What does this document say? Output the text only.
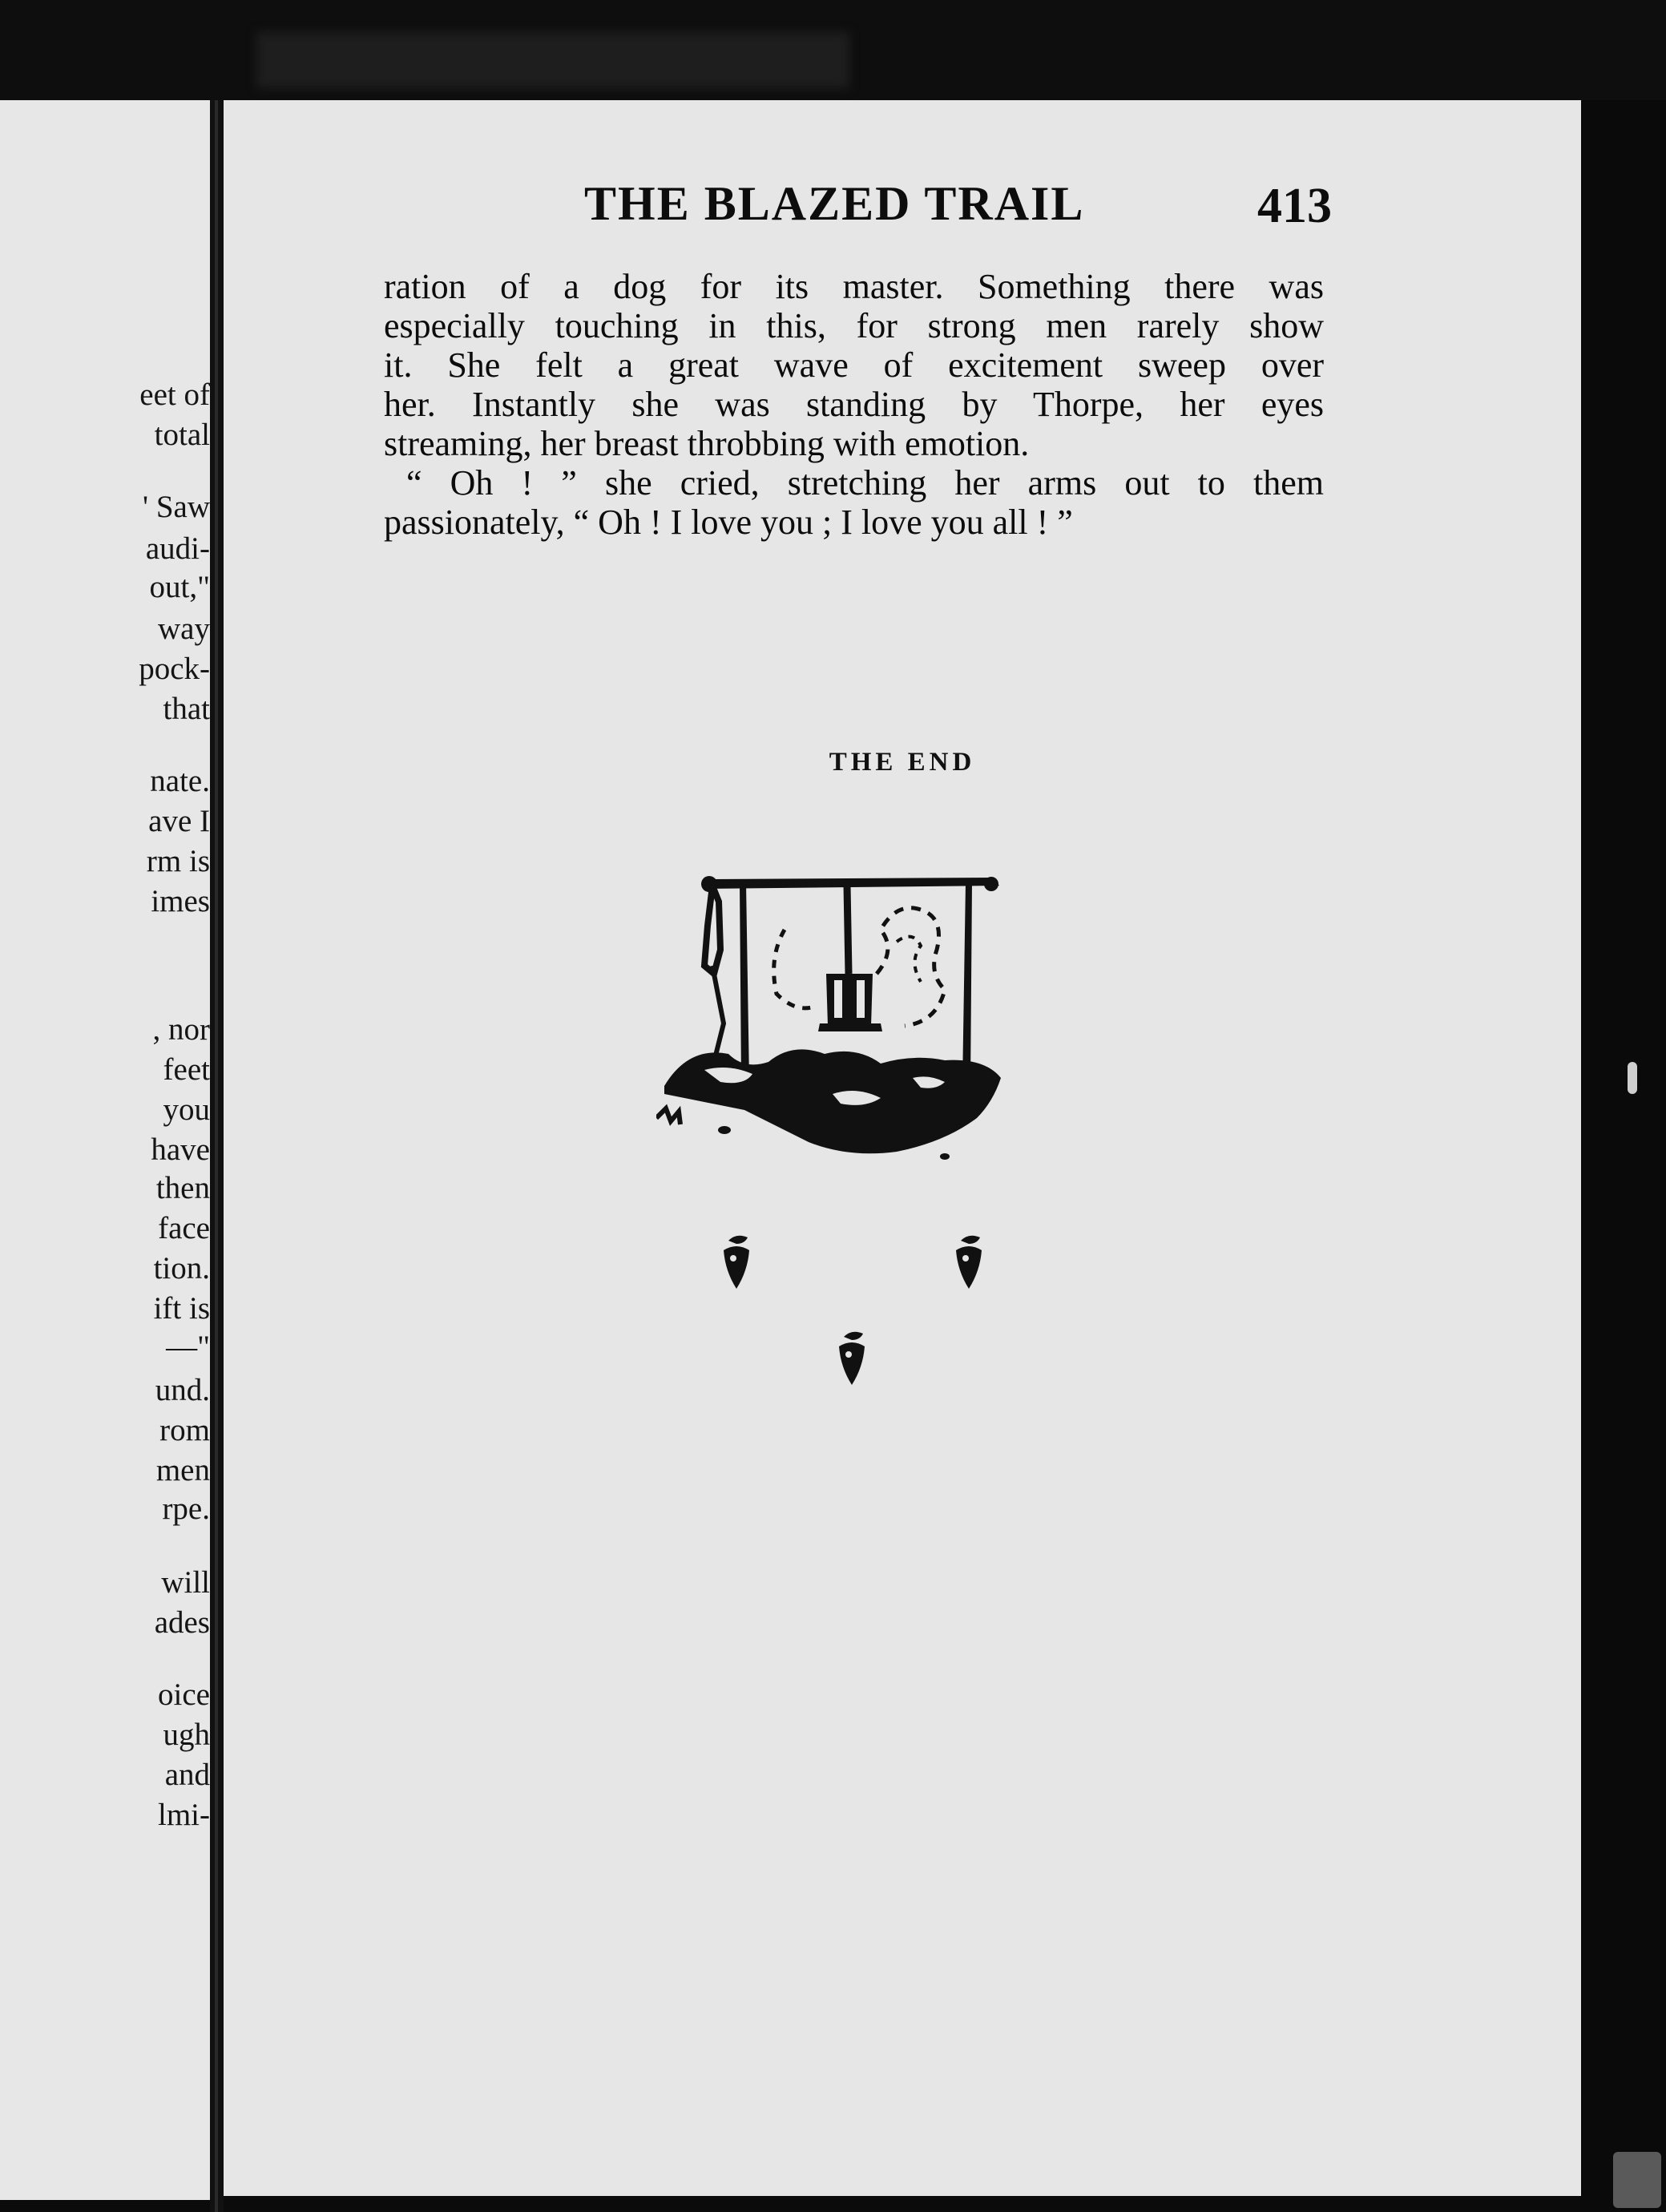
eet of
total
' Saw
audi-
out,"
way
pock-
that
nate.
ave I
rm is
imes
, nor
feet
you
have
then
face
tion.
ift is
—"
und.
rom
men
rpe.
will
ades
oice
ugh
and
lmi-
THE BLAZED TRAIL	413
ration of a dog for its master. Something there was
especially touching in this, for strong men rarely show
it. She felt a great wave of excitement sweep over
her. Instantly she was standing by Thorpe, her eyes
streaming, her breast throbbing with emotion.
“ Oh ! ” she cried, stretching her arms out to them
passionately, “ Oh ! I love you ; I love you all ! ”
THE END
